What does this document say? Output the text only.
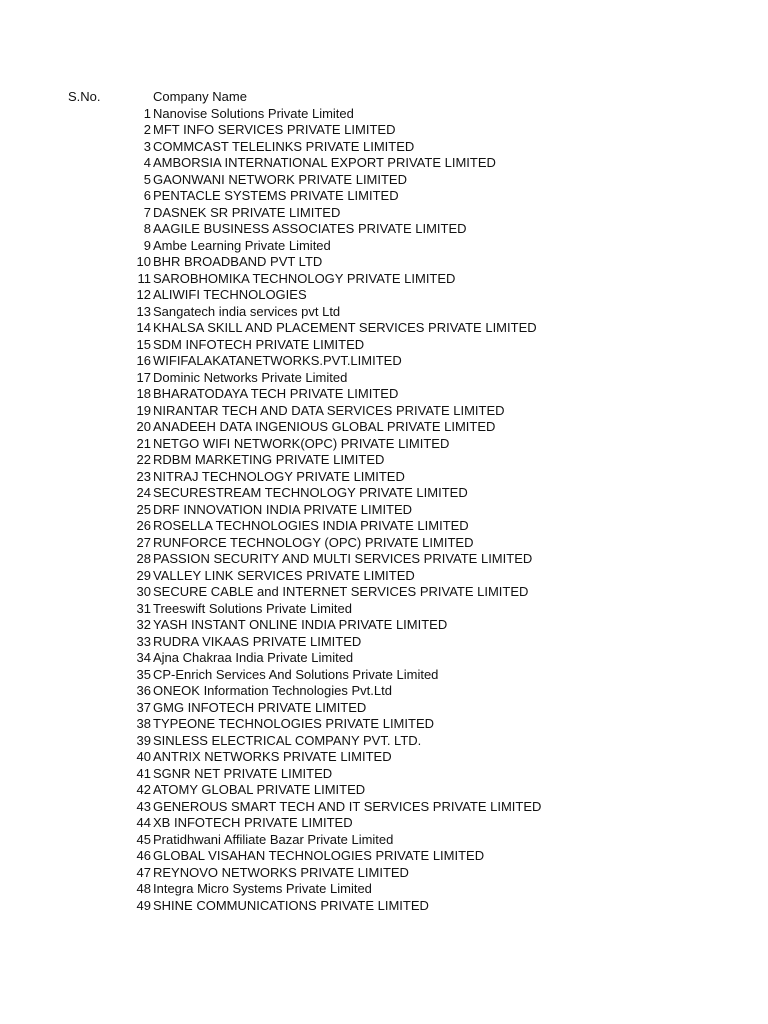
S.No.	Company Name
1 Nanovise Solutions Private Limited
2 MFT INFO SERVICES PRIVATE LIMITED
3 COMMCAST TELELINKS PRIVATE LIMITED
4 AMBORSIA INTERNATIONAL EXPORT PRIVATE LIMITED
5 GAONWANI NETWORK PRIVATE LIMITED
6 PENTACLE SYSTEMS PRIVATE LIMITED
7 DASNEK SR PRIVATE LIMITED
8 AAGILE BUSINESS ASSOCIATES PRIVATE LIMITED
9 Ambe Learning Private Limited
10 BHR BROADBAND PVT LTD
11 SAROBHOMIKA TECHNOLOGY PRIVATE LIMITED
12 ALIWIFI TECHNOLOGIES
13 Sangatech india services pvt Ltd
14 KHALSA SKILL AND PLACEMENT SERVICES PRIVATE LIMITED
15 SDM INFOTECH PRIVATE LIMITED
16 WIFIFALAKATANETWORKS.PVT.LIMITED
17 Dominic Networks Private Limited
18 BHARATODAYA TECH PRIVATE LIMITED
19 NIRANTAR TECH AND DATA SERVICES PRIVATE LIMITED
20 ANADEEH DATA INGENIOUS GLOBAL PRIVATE LIMITED
21 NETGO WIFI NETWORK(OPC) PRIVATE LIMITED
22 RDBM MARKETING PRIVATE LIMITED
23 NITRAJ TECHNOLOGY PRIVATE LIMITED
24 SECURESTREAM TECHNOLOGY PRIVATE LIMITED
25 DRF INNOVATION INDIA PRIVATE LIMITED
26 ROSELLA TECHNOLOGIES INDIA PRIVATE LIMITED
27 RUNFORCE TECHNOLOGY (OPC) PRIVATE LIMITED
28 PASSION SECURITY AND MULTI SERVICES PRIVATE LIMITED
29 VALLEY LINK SERVICES PRIVATE LIMITED
30 SECURE CABLE and INTERNET SERVICES PRIVATE LIMITED
31 Treeswift Solutions Private Limited
32 YASH INSTANT ONLINE INDIA PRIVATE LIMITED
33 RUDRA VIKAAS PRIVATE LIMITED
34 Ajna Chakraa India Private Limited
35 CP-Enrich Services And Solutions Private Limited
36 ONEOK Information Technologies Pvt.Ltd
37 GMG INFOTECH PRIVATE LIMITED
38 TYPEONE TECHNOLOGIES PRIVATE LIMITED
39 SINLESS ELECTRICAL COMPANY PVT. LTD.
40 ANTRIX NETWORKS PRIVATE LIMITED
41 SGNR NET PRIVATE LIMITED
42 ATOMY GLOBAL PRIVATE LIMITED
43 GENEROUS SMART TECH AND IT SERVICES PRIVATE LIMITED
44 XB INFOTECH PRIVATE LIMITED
45 Pratidhwani Affiliate Bazar Private Limited
46 GLOBAL VISAHAN TECHNOLOGIES PRIVATE LIMITED
47 REYNOVO NETWORKS PRIVATE LIMITED
48 Integra Micro Systems Private Limited
49 SHINE COMMUNICATIONS PRIVATE LIMITED
